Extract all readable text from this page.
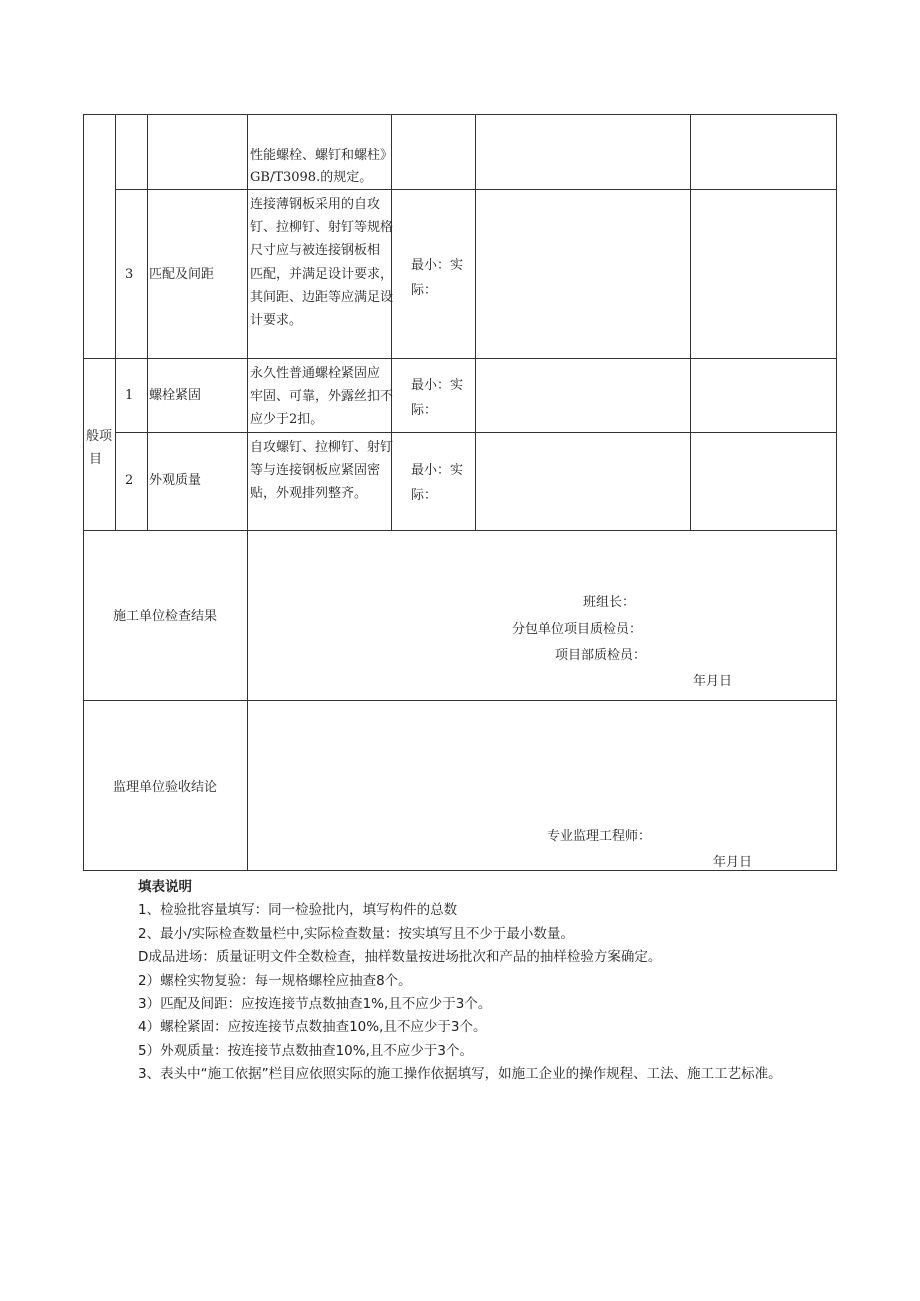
性能螺栓、螺钉和螺柱》
GB/T3098.的规定。
3 匹配及间距
连接薄钢板采用的自攻
钉、拉柳钉、射钉等规格
尺寸应与被连接钢板相
匹配，并满足设计要求，
其间距、边距等应满足设
计要求。
最小：实
际：
般项
目
1 螺栓紧固
永久性普通螺栓紧固应
牢固、可靠，外露丝扣不
应少于2扣。
最小：实
际：
2 外观质量
自攻螺钉、拉柳钉、射钉
等与连接钢板应紧固密
贴，外观排列整齐。
最小：实
际：
施工单位检查结果
班组长：
分包单位项目质检员：
项目部质检员：
年月日
监理单位验收结论
专业监理工程师：
年月日
填表说明
1、检验批容量填写：同一检验批内，填写构件的总数
2、最小/实际检查数量栏中,实际检查数量：按实填写且不少于最小数量。
D成品进场：质量证明文件全数检查，抽样数量按进场批次和产品的抽样检验方案确定。
2）螺栓实物复验：每一规格螺栓应抽查8个。
3）匹配及间距：应按连接节点数抽查1%,且不应少于3个。
4）螺栓紧固：应按连接节点数抽查10%,且不应少于3个。
5）外观质量：按连接节点数抽查10%,且不应少于3个。
3、表头中“施工依据”栏目应依照实际的施工操作依据填写，如施工企业的操作规程、工法、施工工艺标准。
